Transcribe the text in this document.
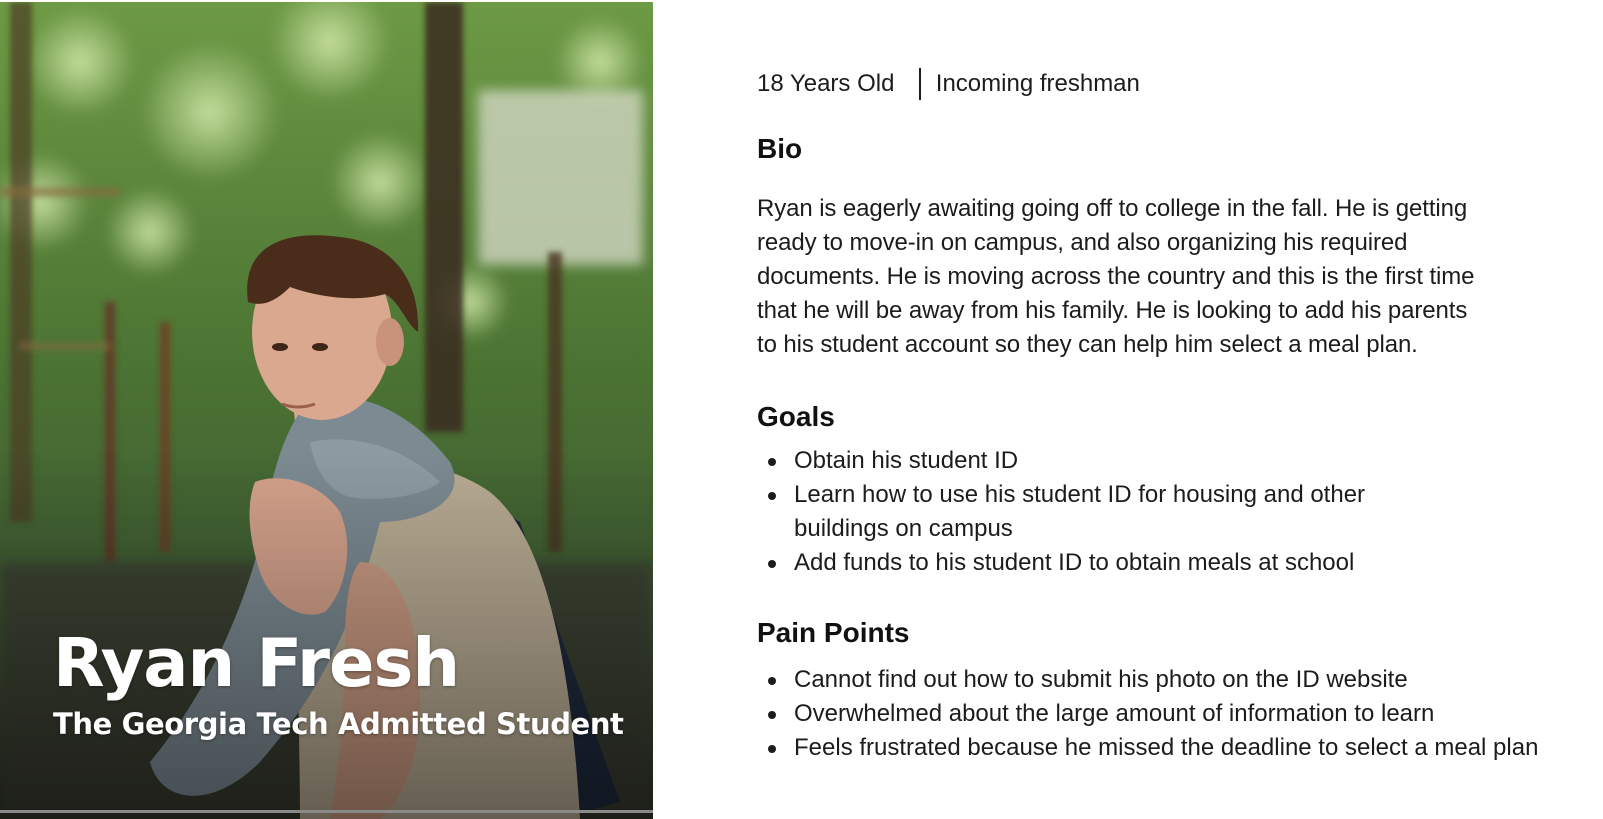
Ryan Fresh
The Georgia Tech Admitted Student
18 Years Old Incoming freshman
Bio

Ryan is eagerly awaiting going off to college in the fall. He is getting ready to move-in on campus, and also organizing his required documents. He is moving across the country and this is the first time that he will be away from his family. He is looking to add his parents to his student account so they can help him select a meal plan.

Goals
Obtain his student ID
Learn how to use his student ID for housing and other buildings on campus
Add funds to his student ID to obtain meals at school
Pain Points
Cannot find out how to submit his photo on the ID website
Overwhelmed about the large amount of information to learn
Feels frustrated because he missed the deadline to select a meal plan
